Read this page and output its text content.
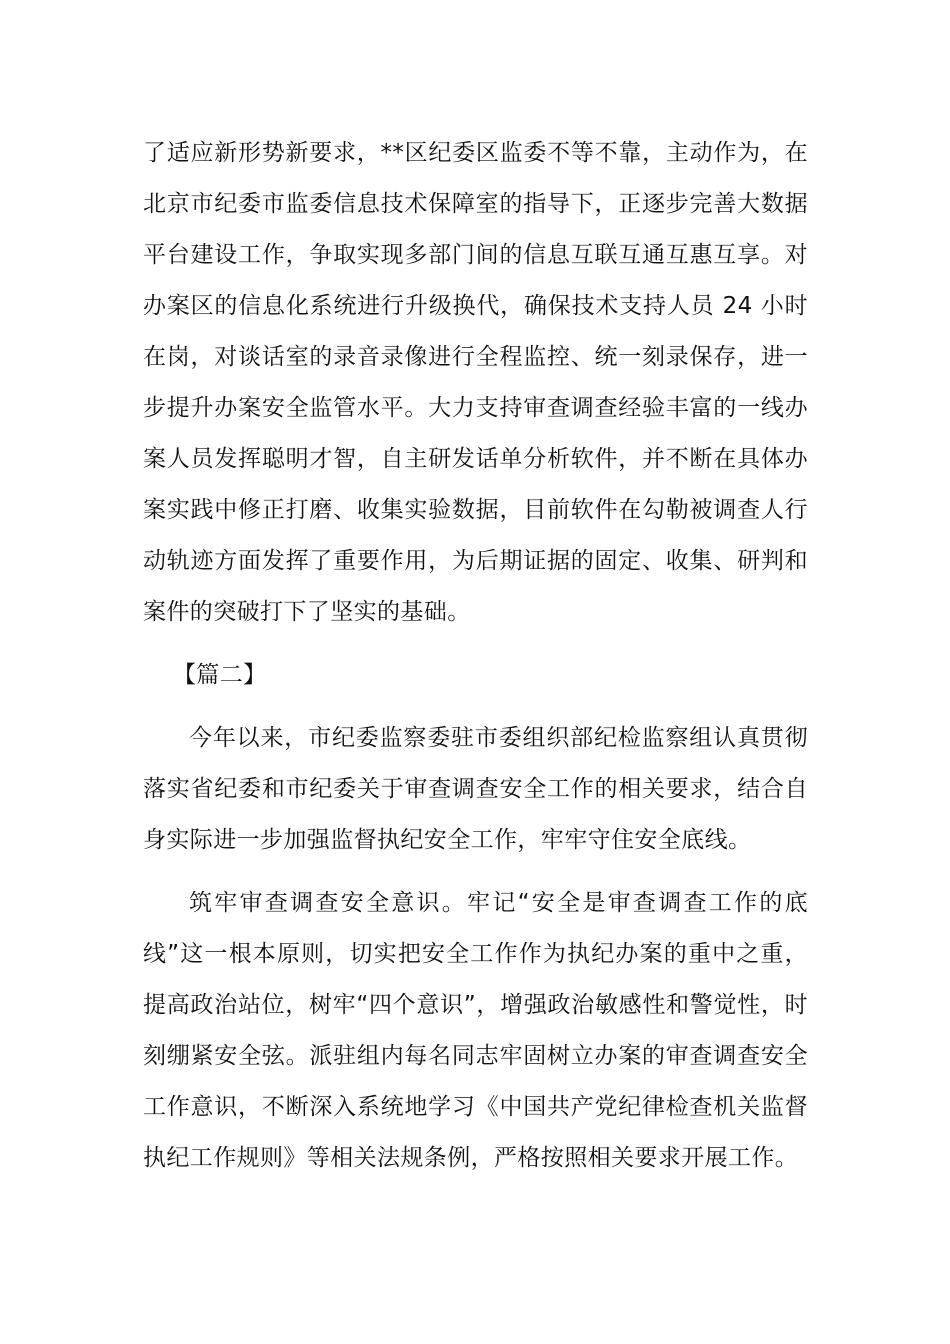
了适应新形势新要求，**区纪委区监委不等不靠，主动作为，在北京市纪委市监委信息技术保障室的指导下，正逐步完善大数据平台建设工作，争取实现多部门间的信息互联互通互惠互享。对办案区的信息化系统进行升级换代，确保技术支持人员 24 小时在岗，对谈话室的录音录像进行全程监控、统一刻录保存，进一步提升办案安全监管水平。大力支持审查调查经验丰富的一线办案人员发挥聪明才智，自主研发话单分析软件，并不断在具体办案实践中修正打磨、收集实验数据，目前软件在勾勒被调查人行动轨迹方面发挥了重要作用，为后期证据的固定、收集、研判和案件的突破打下了坚实的基础。

【篇二】

今年以来，市纪委监察委驻市委组织部纪检监察组认真贯彻落实省纪委和市纪委关于审查调查安全工作的相关要求，结合自身实际进一步加强监督执纪安全工作，牢牢守住安全底线。

筑牢审查调查安全意识。牢记“安全是审查调查工作的底线”这一根本原则，切实把安全工作作为执纪办案的重中之重，提高政治站位，树牢“四个意识”，增强政治敏感性和警觉性，时刻绷紧安全弦。派驻组内每名同志牢固树立办案的审查调查安全工作意识，不断深入系统地学习《中国共产党纪律检查机关监督执纪工作规则》等相关法规条例，严格按照相关要求开展工作。
